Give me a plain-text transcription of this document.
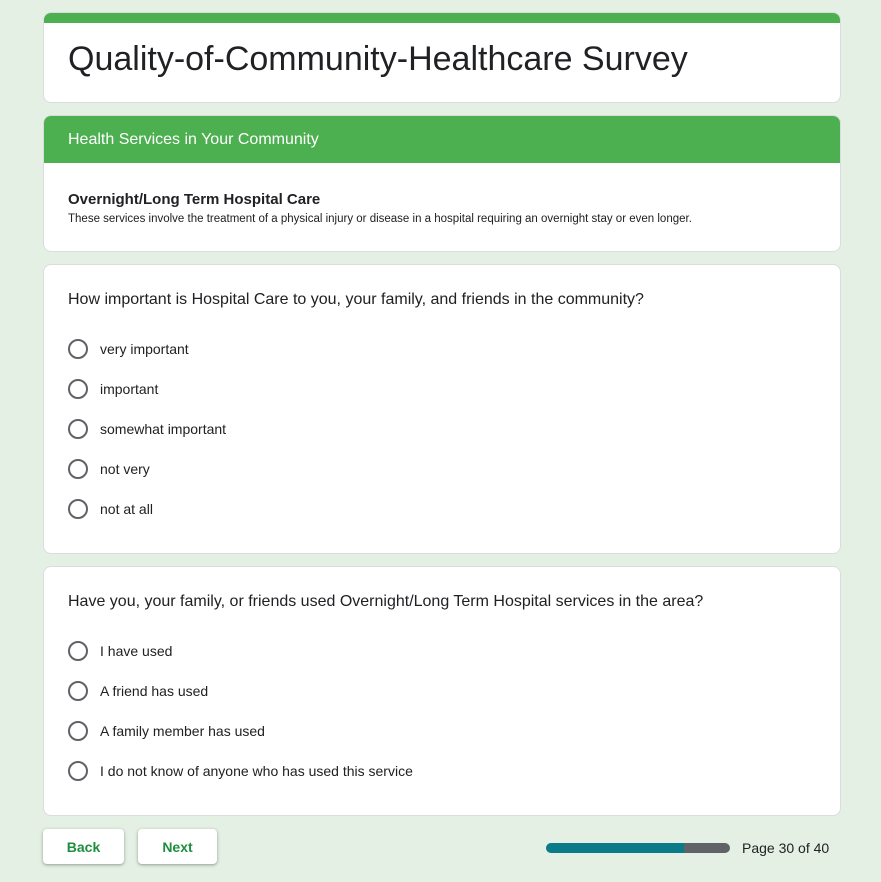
Quality-of-Community-Healthcare Survey
Health Services in Your Community
Overnight/Long Term Hospital Care
These services involve the treatment of a physical injury or disease in a hospital requiring an overnight stay or even longer.
How important is Hospital Care to you, your family, and friends in the community?
very important
important
somewhat important
not very
not at all
Have you, your family, or friends used Overnight/Long Term Hospital services in the area?
I have used
A friend has used
A family member has used
I do not know of anyone who has used this service
Back	Next	Page 30 of 40
